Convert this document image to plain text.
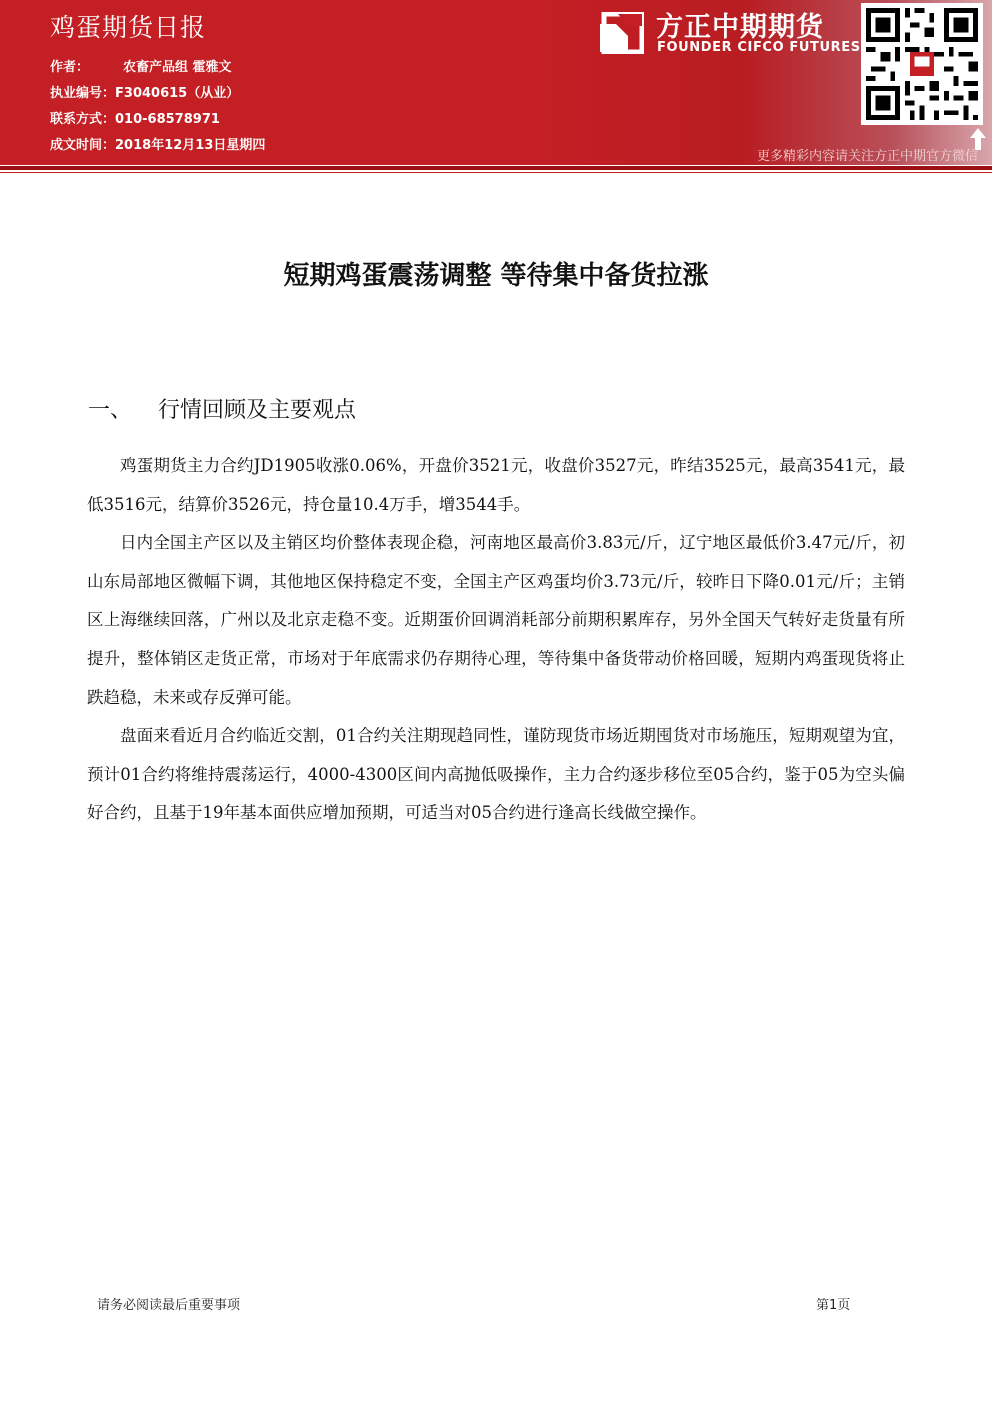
鸡蛋期货日报
作者：	农畜产品组 霍雅文
执业编号：F3040615（从业）
联系方式：010-68578971
成文时间：2018年12月13日星期四
方正中期期货
FOUNDER CIFCO FUTURES
更多精彩内容请关注方正中期官方微信
短期鸡蛋震荡调整 等待集中备货拉涨
一、 行情回顾及主要观点

鸡蛋期货主力合约JD1905收涨0.06%，开盘价3521元，收盘价3527元，昨结3525元，最高3541元，最低3516元，结算价3526元，持仓量10.4万手，增3544手。

日内全国主产区以及主销区均价整体表现企稳，河南地区最高价3.83元/斤，辽宁地区最低价3.47元/斤，初山东局部地区微幅下调，其他地区保持稳定不变，全国主产区鸡蛋均价3.73元/斤，较昨日下降0.01元/斤；主销区上海继续回落，广州以及北京走稳不变。近期蛋价回调消耗部分前期积累库存，另外全国天气转好走货量有所提升，整体销区走货正常，市场对于年底需求仍存期待心理，等待集中备货带动价格回暖，短期内鸡蛋现货将止跌趋稳，未来或存反弹可能。

盘面来看近月合约临近交割，01合约关注期现趋同性，谨防现货市场近期囤货对市场施压，短期观望为宜，预计01合约将维持震荡运行，4000-4300区间内高抛低吸操作，主力合约逐步移位至05合约，鉴于05为空头偏好合约，且基于19年基本面供应增加预期，可适当对05合约进行逢高长线做空操作。

请务必阅读最后重要事项	第1页
